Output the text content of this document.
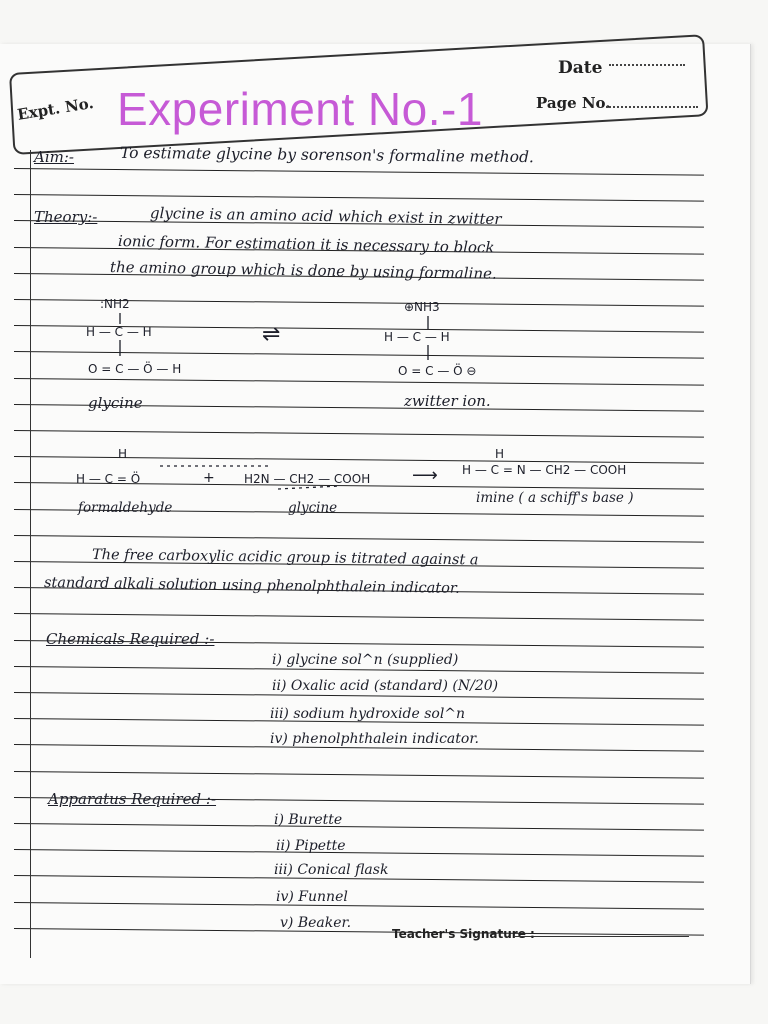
Date
Expt. No.	Page No.
Experiment No.-1
Aim:-	To estimate glycine by sorenson's formaline method.
Theory:-	glycine is an amino acid which exist in zwitter
ionic form. For estimation it is necessary to block
the amino group which is done by using formaline.
:NH2
H — C — H
O = C — Ö — H
glycine
⇌
⊕NH3
H — C — H
O = C — Ö ⊖
zwitter ion.
H
H — C = Ö	+ H2N — CH2 — COOH ⟶
H
H — C = N — CH2 — COOH
formaldehyde	glycine
imine ( a schiff's base )
The free carboxylic acidic group is titrated against a
standard alkali solution using phenolphthalein indicator.
Chemicals Required :-
i) glycine sol^n (supplied)
ii) Oxalic acid (standard) (N/20)
iii) sodium hydroxide sol^n
iv) phenolphthalein indicator.
Apparatus Required :-
i) Burette
ii) Pipette
iii) Conical flask
iv) Funnel
v) Beaker.
Teacher's Signature :
